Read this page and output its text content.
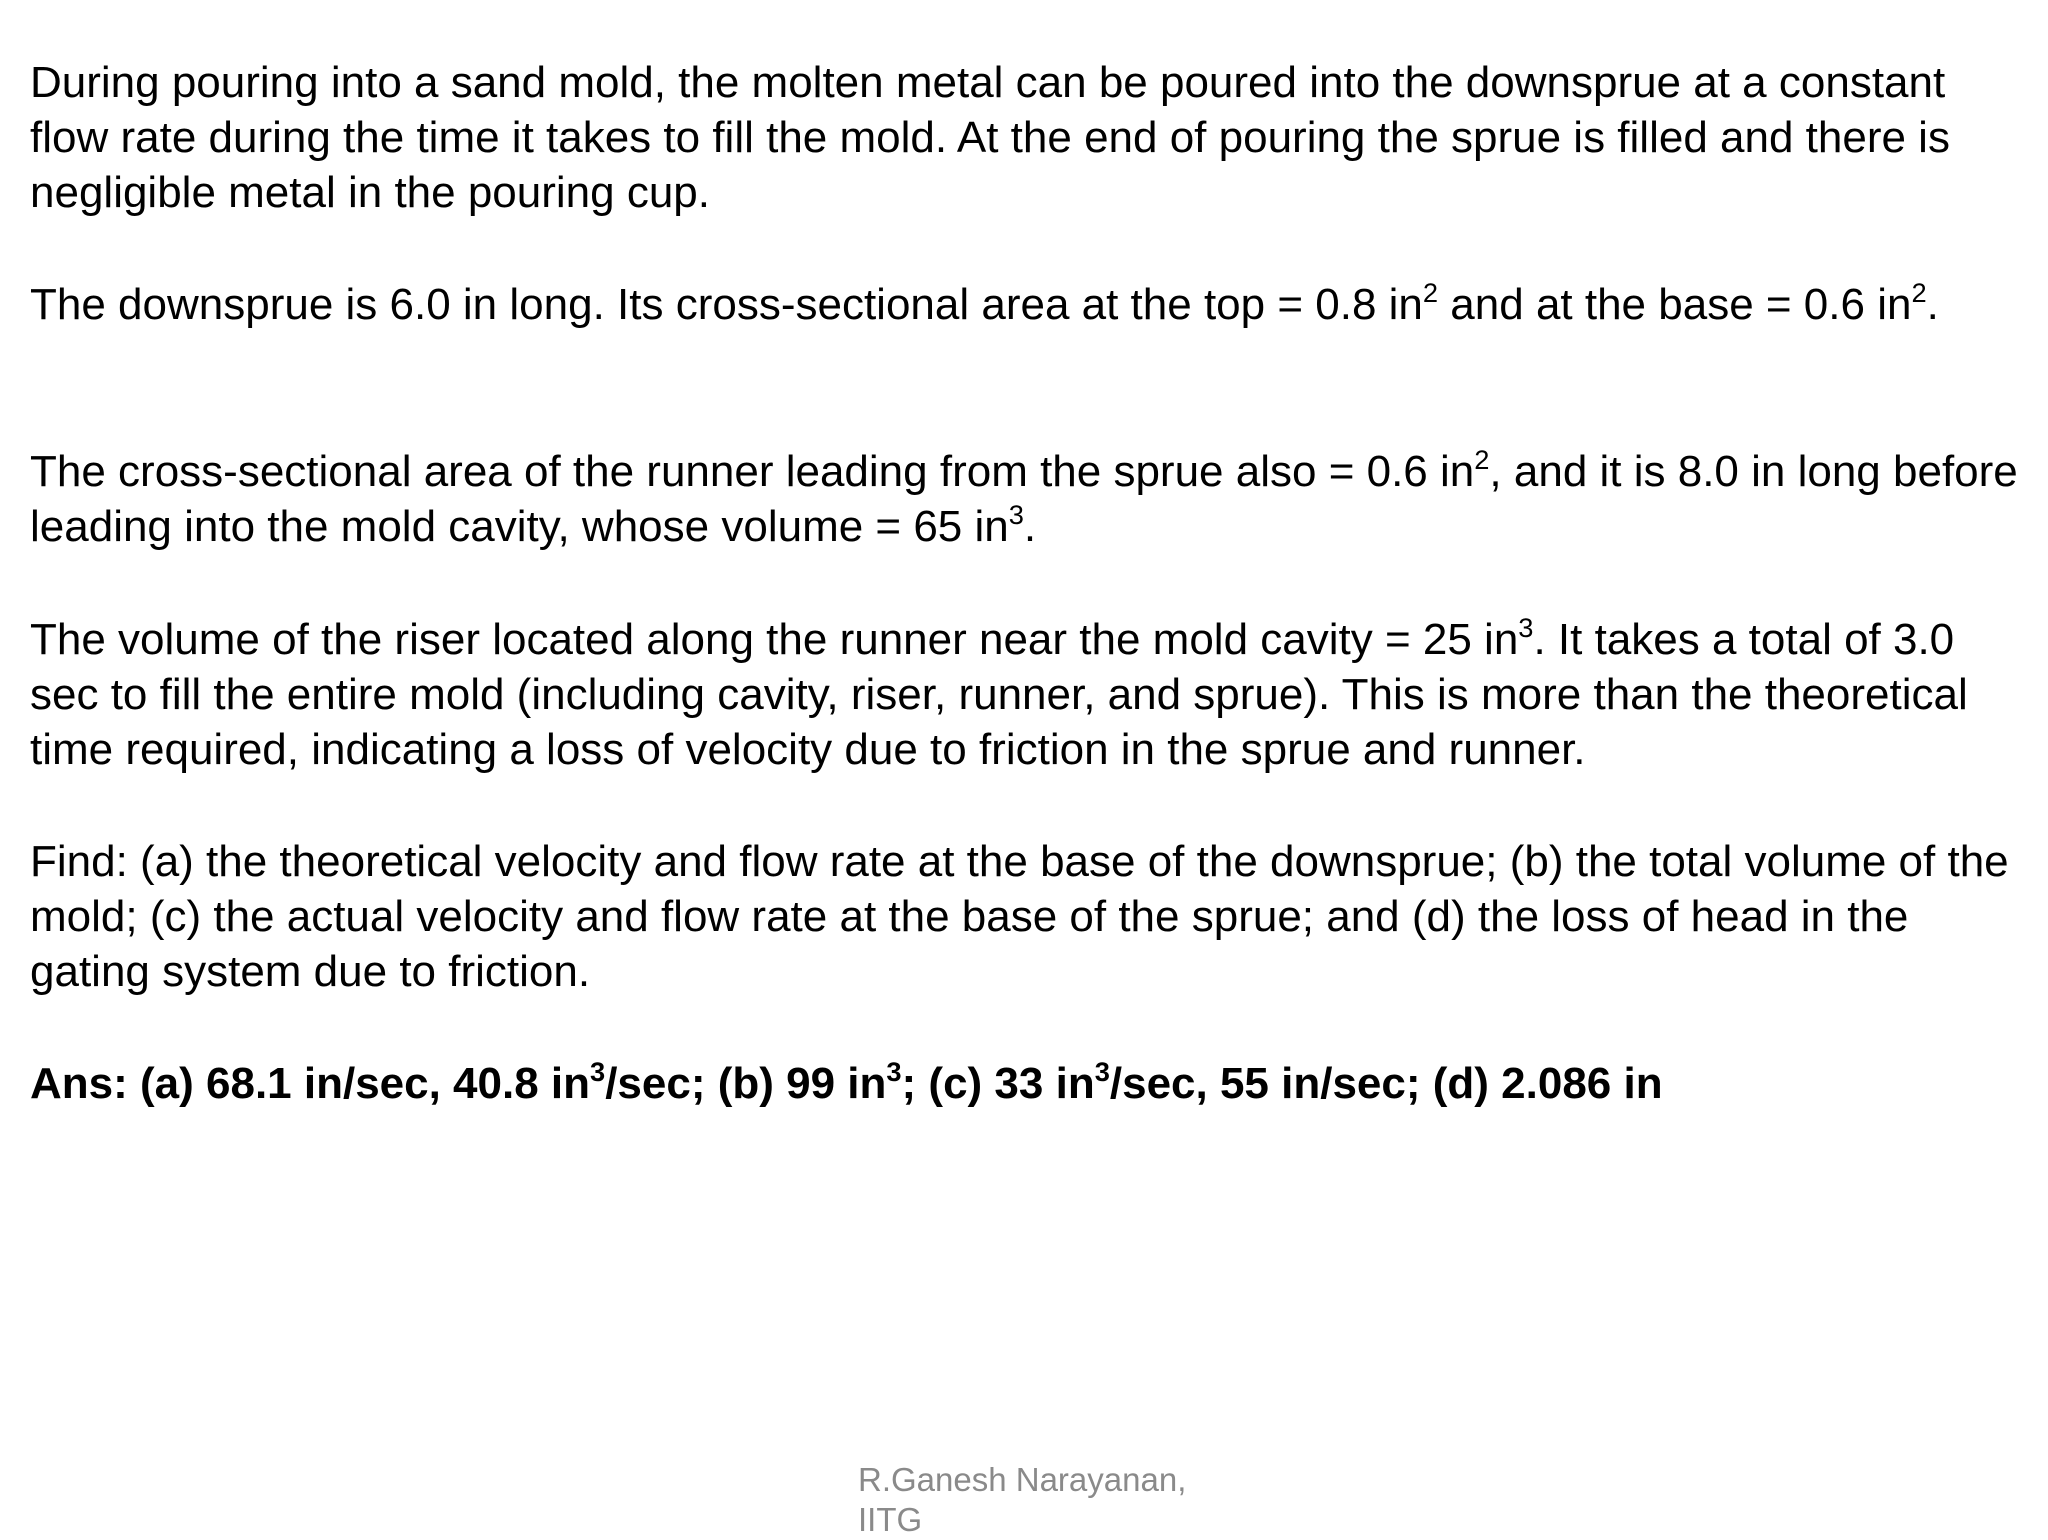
During pouring into a sand mold, the molten metal can be poured into the downsprue at a constant flow rate during the time it takes to fill the mold. At the end of pouring the sprue is filled and there is negligible metal in the pouring cup.

The downsprue is 6.0 in long. Its cross-sectional area at the top = 0.8 $in^2$ and at the base = 0.6 $in^2$.

The cross-sectional area of the runner leading from the sprue also = 0.6 $in^2$, and it is 8.0 in long before leading into the mold cavity, whose volume = 65 $in^3$.

The volume of the riser located along the runner near the mold cavity = 25 $in^3$. It takes a total of 3.0 sec to fill the entire mold (including cavity, riser, runner, and sprue). This is more than the theoretical time required, indicating a loss of velocity due to friction in the sprue and runner.

Find: (a) the theoretical velocity and flow rate at the base of the downsprue; (b) the total volume of the mold; (c) the actual velocity and flow rate at the base of the sprue; and (d) the loss of head in the gating system due to friction.

Ans: (a) 68.1 in/sec, 40.8 $in^3/\sec$; (b) 99 $in^3$; (c) 33 $in^3/\sec$, 55 in/sec; (d) 2.086 in

R.Ganesh Narayanan,
IITG
